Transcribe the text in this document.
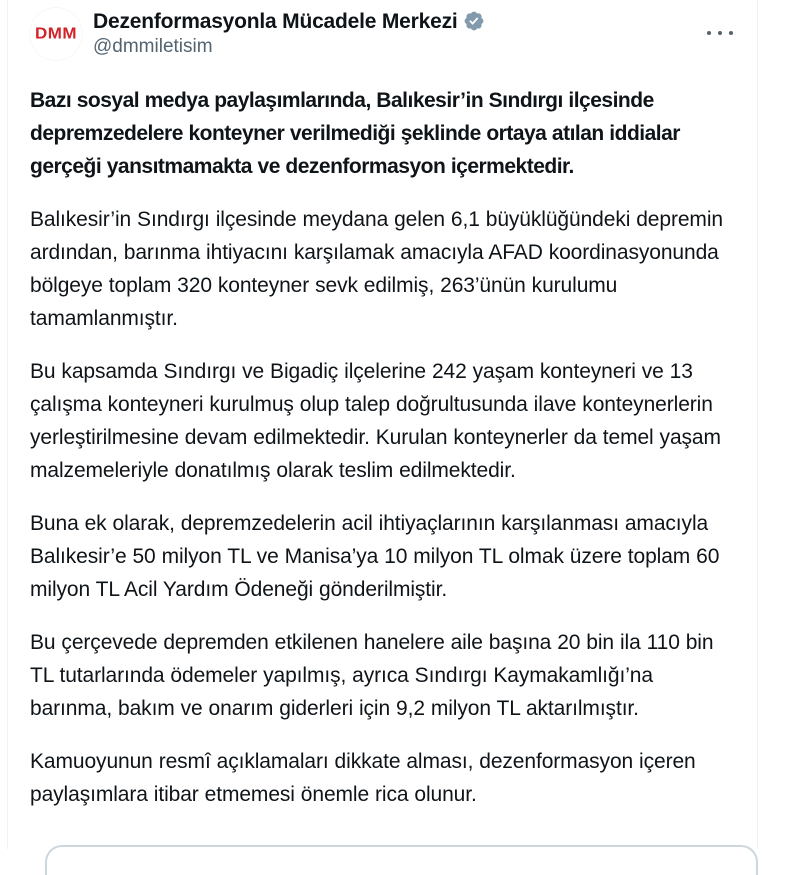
DMM
Dezenformasyonla Mücadele Merkezi
@dmmiletisim

Bazı sosyal medya paylaşımlarında, Balıkesir’in Sındırgı ilçesinde depremzedelere konteyner verilmediği şeklinde ortaya atılan iddialar gerçeği yansıtmamakta ve dezenformasyon içermektedir.

Balıkesir’in Sındırgı ilçesinde meydana gelen 6,1 büyüklüğündeki depremin ardından, barınma ihtiyacını karşılamak amacıyla AFAD koordinasyonunda bölgeye toplam 320 konteyner sevk edilmiş, 263’ünün kurulumu tamamlanmıştır.

Bu kapsamda Sındırgı ve Bigadiç ilçelerine 242 yaşam konteyneri ve 13 çalışma konteyneri kurulmuş olup talep doğrultusunda ilave konteynerlerin yerleştirilmesine devam edilmektedir. Kurulan konteynerler da temel yaşam malzemeleriyle donatılmış olarak teslim edilmektedir.

Buna ek olarak, depremzedelerin acil ihtiyaçlarının karşılanması amacıyla Balıkesir’e 50 milyon TL ve Manisa’ya 10 milyon TL olmak üzere toplam 60 milyon TL Acil Yardım Ödeneği gönderilmiştir.

Bu çerçevede depremden etkilenen hanelere aile başına 20 bin ila 110 bin TL tutarlarında ödemeler yapılmış, ayrıca Sındırgı Kaymakamlığı’na barınma, bakım ve onarım giderleri için 9,2 milyon TL aktarılmıştır.

Kamuoyunun resmî açıklamaları dikkate alması, dezenformasyon içeren paylaşımlara itibar etmemesi önemle rica olunur.
